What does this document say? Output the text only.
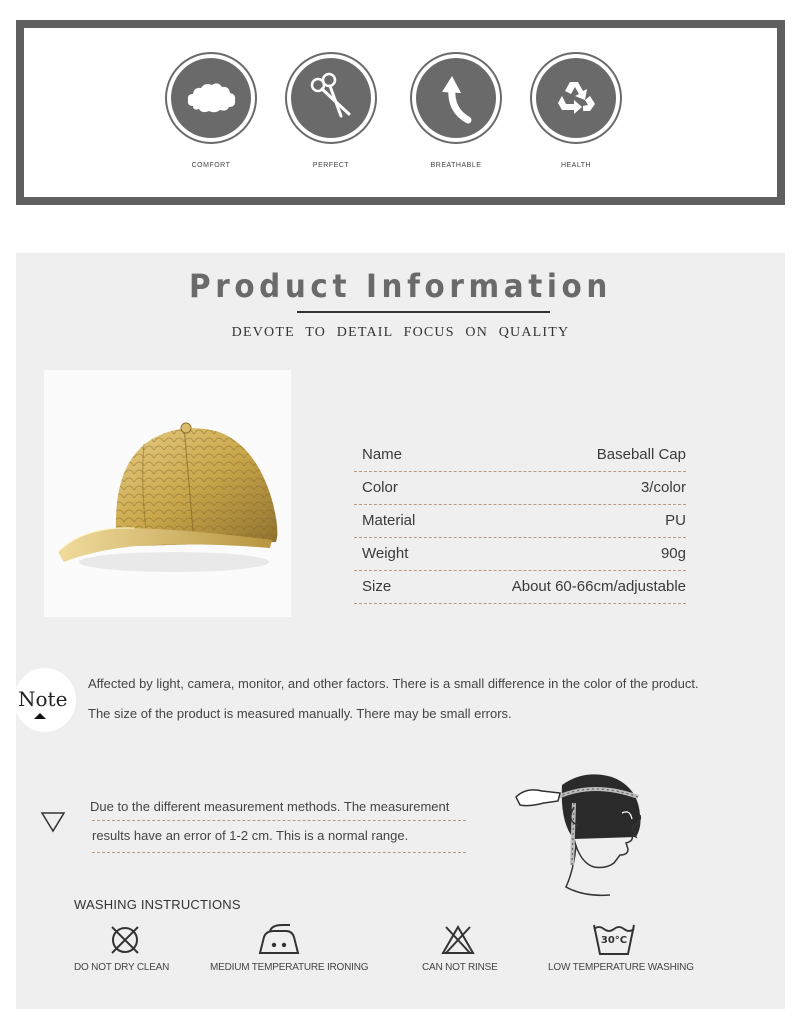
COMFORT	PERFECT	BREATHABLE	HEALTH
Product Information
DEVOTE TO DETAIL FOCUS ON QUALITY
Name	Baseball Cap
Color	3/color
Material	PU
Weight	90g
Size	About 60-66cm/adjustable
Note
Affected by light, camera, monitor, and other factors. There is a small difference in the color of the product.
The size of the product is measured manually. There may be small errors.
Due to the different measurement methods. The measurement
results have an error of 1-2 cm. This is a normal range.
WASHING INSTRUCTIONS
DO NOT DRY CLEAN	MEDIUM TEMPERATURE IRONING	CAN NOT RINSE
30°C
LOW TEMPERATURE WASHING
